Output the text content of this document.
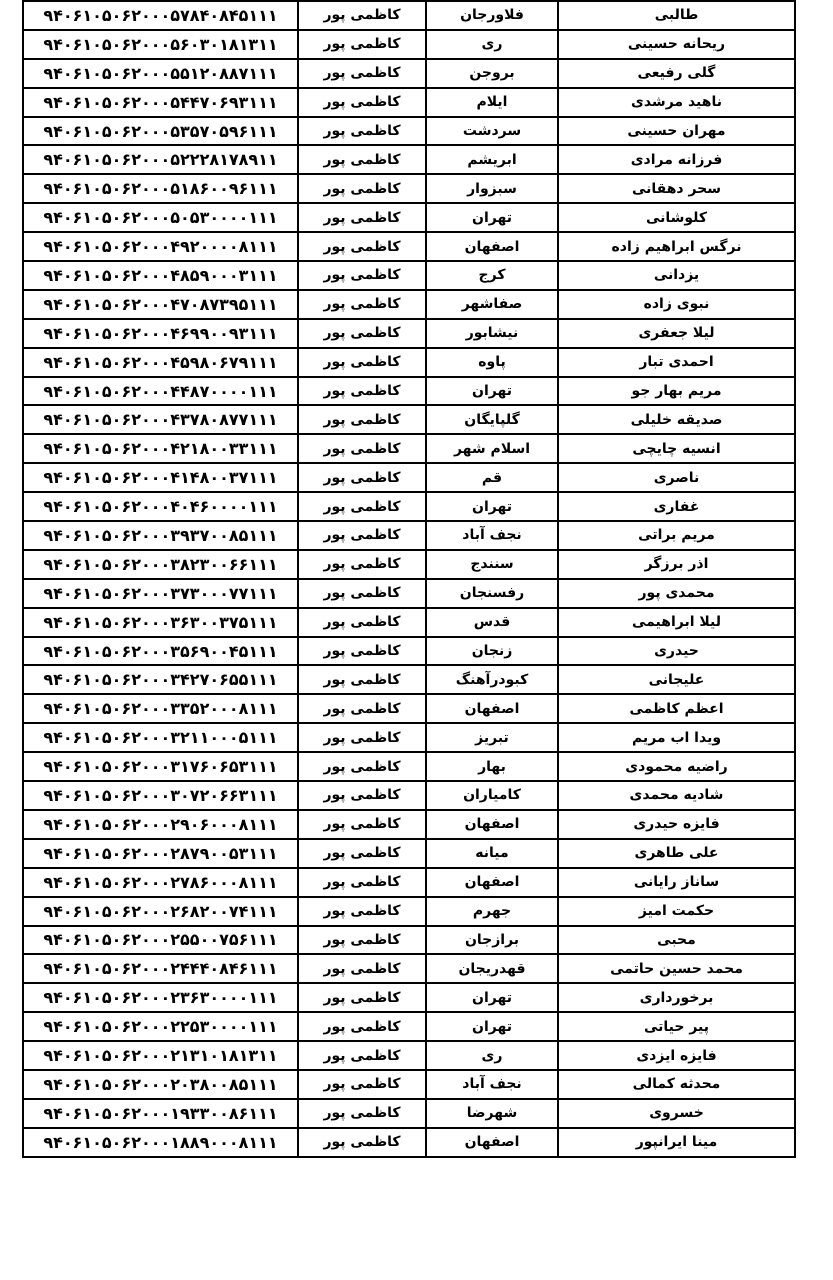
۹۴۰۶۱۰۵۰۶۲۰۰۰۵۷۸۴۰۸۴۵۱۱۱	کاظمی پور	فلاورجان	طالبی
۹۴۰۶۱۰۵۰۶۲۰۰۰۵۶۰۳۰۱۸۱۳۱۱	کاظمی پور	ری	ریحانه حسینی
۹۴۰۶۱۰۵۰۶۲۰۰۰۵۵۱۲۰۸۸۷۱۱۱	کاظمی پور	بروجن	گلی رفیعی
۹۴۰۶۱۰۵۰۶۲۰۰۰۵۴۴۷۰۶۹۳۱۱۱	کاظمی پور	ایلام	ناهید مرشدی
۹۴۰۶۱۰۵۰۶۲۰۰۰۵۳۵۷۰۵۹۶۱۱۱	کاظمی پور	سردشت	مهران حسینی
۹۴۰۶۱۰۵۰۶۲۰۰۰۵۲۲۲۸۱۷۸۹۱۱	کاظمی پور	ابریشم	فرزانه مرادی
۹۴۰۶۱۰۵۰۶۲۰۰۰۵۱۸۶۰۰۹۶۱۱۱	کاظمی پور	سبزوار	سحر دهقانی
۹۴۰۶۱۰۵۰۶۲۰۰۰۵۰۵۳۰۰۰۰۱۱۱	کاظمی پور	تهران	کلوشانی
۹۴۰۶۱۰۵۰۶۲۰۰۰۴۹۲۰۰۰۰۸۱۱۱	کاظمی پور	اصفهان	نرگس ابراهیم زاده
۹۴۰۶۱۰۵۰۶۲۰۰۰۴۸۵۹۰۰۰۳۱۱۱	کاظمی پور	کرج	یزدانی
۹۴۰۶۱۰۵۰۶۲۰۰۰۴۷۰۸۷۳۹۵۱۱۱	کاظمی پور	صفاشهر	نبوی زاده
۹۴۰۶۱۰۵۰۶۲۰۰۰۴۶۹۹۰۰۹۳۱۱۱	کاظمی پور	نیشابور	لیلا جعفری
۹۴۰۶۱۰۵۰۶۲۰۰۰۴۵۹۸۰۶۷۹۱۱۱	کاظمی پور	پاوه	احمدی تبار
۹۴۰۶۱۰۵۰۶۲۰۰۰۴۴۸۷۰۰۰۰۱۱۱	کاظمی پور	تهران	مریم بهار جو
۹۴۰۶۱۰۵۰۶۲۰۰۰۴۳۷۸۰۸۷۷۱۱۱	کاظمی پور	گلپایگان	صدیقه خلیلی
۹۴۰۶۱۰۵۰۶۲۰۰۰۴۲۱۸۰۰۳۳۱۱۱	کاظمی پور	اسلام شهر	انسیه چایچی
۹۴۰۶۱۰۵۰۶۲۰۰۰۴۱۴۸۰۰۳۷۱۱۱	کاظمی پور	قم	ناصری
۹۴۰۶۱۰۵۰۶۲۰۰۰۴۰۴۶۰۰۰۰۱۱۱	کاظمی پور	تهران	غفاری
۹۴۰۶۱۰۵۰۶۲۰۰۰۳۹۳۷۰۰۸۵۱۱۱	کاظمی پور	نجف آباد	مریم براتی
۹۴۰۶۱۰۵۰۶۲۰۰۰۳۸۲۳۰۰۶۶۱۱۱	کاظمی پور	سنندج	اذر برزگر
۹۴۰۶۱۰۵۰۶۲۰۰۰۳۷۳۰۰۰۷۷۱۱۱	کاظمی پور	رفسنجان	محمدی پور
۹۴۰۶۱۰۵۰۶۲۰۰۰۳۶۳۰۰۳۷۵۱۱۱	کاظمی پور	قدس	لیلا ابراهیمی
۹۴۰۶۱۰۵۰۶۲۰۰۰۳۵۶۹۰۰۴۵۱۱۱	کاظمی پور	زنجان	حیدری
۹۴۰۶۱۰۵۰۶۲۰۰۰۳۴۲۷۰۶۵۵۱۱۱	کاظمی پور	کبودرآهنگ	علیجانی
۹۴۰۶۱۰۵۰۶۲۰۰۰۳۳۵۲۰۰۰۸۱۱۱	کاظمی پور	اصفهان	اعظم کاظمی
۹۴۰۶۱۰۵۰۶۲۰۰۰۳۲۱۱۰۰۰۵۱۱۱	کاظمی پور	تبریز	ویدا اب مریم
۹۴۰۶۱۰۵۰۶۲۰۰۰۳۱۷۶۰۶۵۳۱۱۱	کاظمی پور	بهار	راضیه محمودی
۹۴۰۶۱۰۵۰۶۲۰۰۰۳۰۷۲۰۶۶۳۱۱۱	کاظمی پور	کامیاران	شادیه محمدی
۹۴۰۶۱۰۵۰۶۲۰۰۰۲۹۰۶۰۰۰۸۱۱۱	کاظمی پور	اصفهان	فایزه حیدری
۹۴۰۶۱۰۵۰۶۲۰۰۰۲۸۷۹۰۰۵۳۱۱۱	کاظمی پور	میانه	علی طاهری
۹۴۰۶۱۰۵۰۶۲۰۰۰۲۷۸۶۰۰۰۸۱۱۱	کاظمی پور	اصفهان	ساناز رایانی
۹۴۰۶۱۰۵۰۶۲۰۰۰۲۶۸۲۰۰۷۴۱۱۱	کاظمی پور	جهرم	حکمت امیز
۹۴۰۶۱۰۵۰۶۲۰۰۰۲۵۵۰۰۷۵۶۱۱۱	کاظمی پور	برازجان	محبی
۹۴۰۶۱۰۵۰۶۲۰۰۰۲۴۴۴۰۸۴۶۱۱۱	کاظمی پور	قهدریجان	محمد حسین حاتمی
۹۴۰۶۱۰۵۰۶۲۰۰۰۲۳۶۳۰۰۰۰۱۱۱	کاظمی پور	تهران	برخورداری
۹۴۰۶۱۰۵۰۶۲۰۰۰۲۲۵۳۰۰۰۰۱۱۱	کاظمی پور	تهران	پیر حیاتی
۹۴۰۶۱۰۵۰۶۲۰۰۰۲۱۳۱۰۱۸۱۳۱۱	کاظمی پور	ری	فایزه ایزدی
۹۴۰۶۱۰۵۰۶۲۰۰۰۲۰۳۸۰۰۸۵۱۱۱	کاظمی پور	نجف آباد	محدثه کمالی
۹۴۰۶۱۰۵۰۶۲۰۰۰۱۹۳۳۰۰۸۶۱۱۱	کاظمی پور	شهرضا	خسروی
۹۴۰۶۱۰۵۰۶۲۰۰۰۱۸۸۹۰۰۰۸۱۱۱	کاظمی پور	اصفهان	مینا ایرانپور
